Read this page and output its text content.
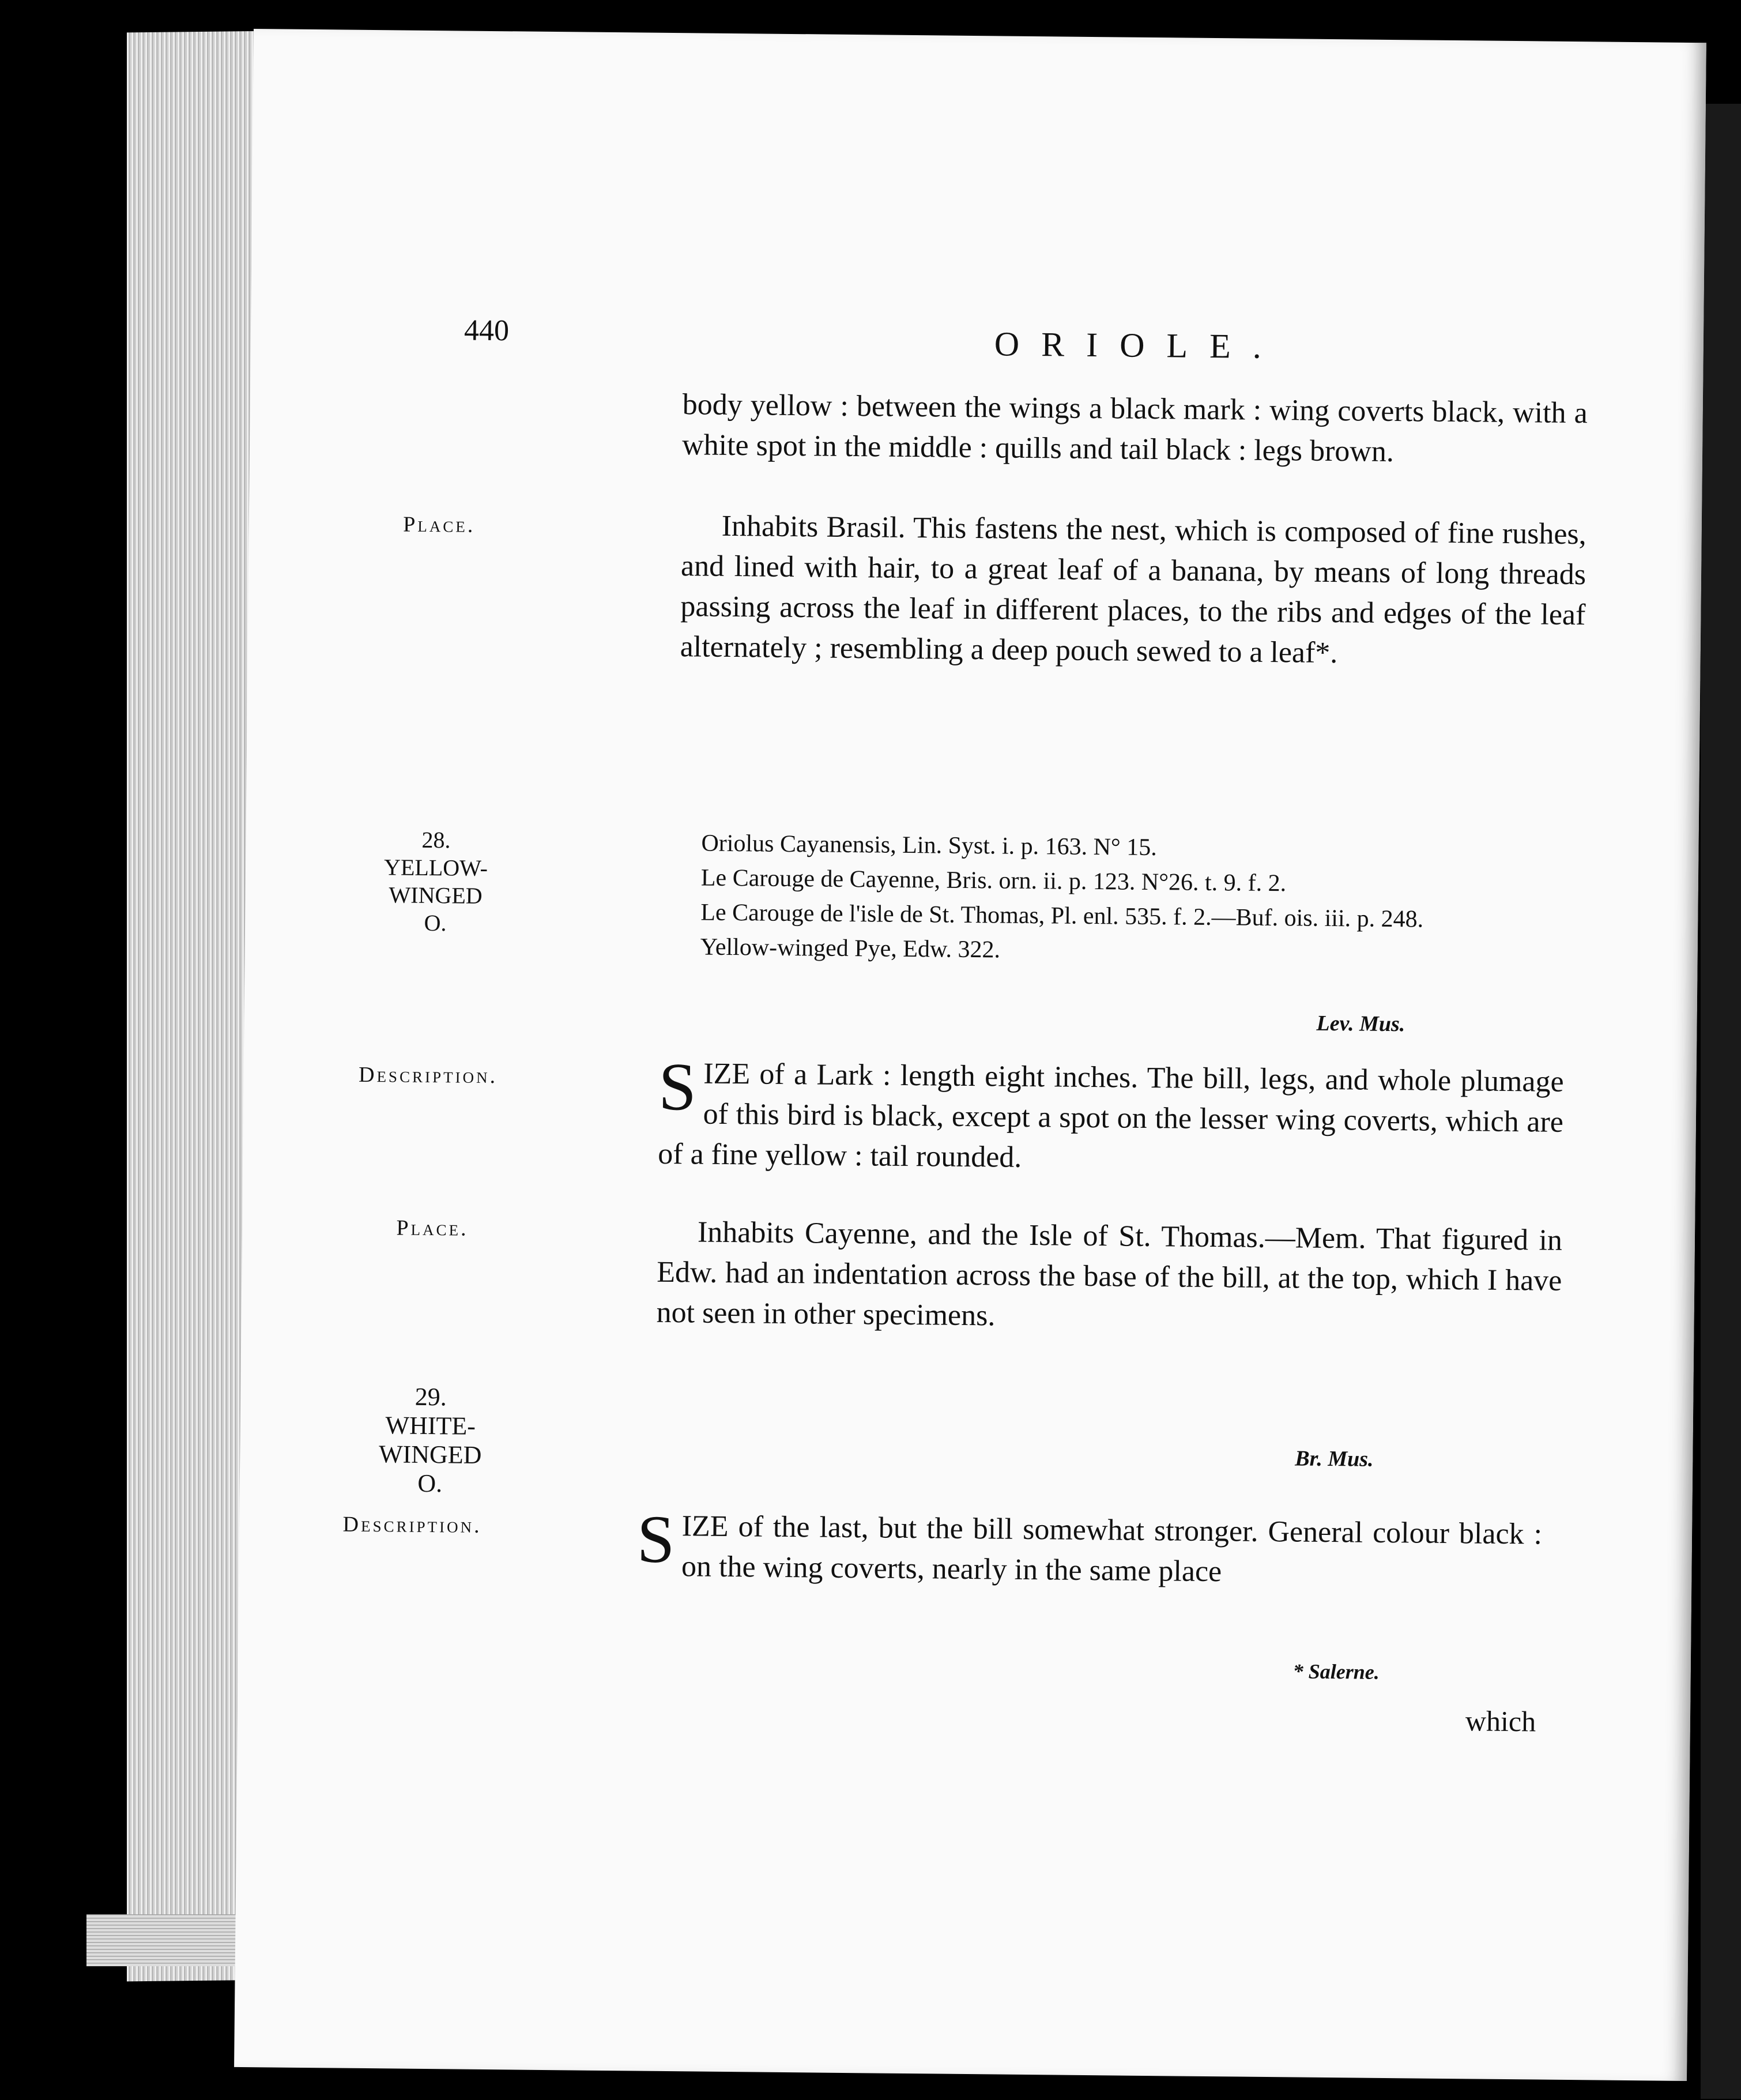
440	ORIOLE.

body yellow : between the wings a black mark : wing coverts black, with a white spot in the middle : quills and tail black : legs brown.

Place.	Inhabits Brasil. This fastens the nest, which is composed of fine rushes, and lined with hair, to a great leaf of a banana, by means of long threads passing across the leaf in different places, to the ribs and edges of the leaf alternately ; resembling a deep pouch sewed to a leaf*.

28.
YELLOW-
WINGED
O.

Oriolus Cayanensis, Lin. Syst. i. p. 163. N° 15.

Le Carouge de Cayenne, Bris. orn. ii. p. 123. N°26. t. 9. f. 2.

Le Carouge de l'isle de St. Thomas, Pl. enl. 535. f. 2.—Buf. ois. iii. p. 248.

Yellow-winged Pye, Edw. 322.

Lev. Mus.
Description.	SIZE of a Lark : length eight inches. The bill, legs, and whole plumage of this bird is black, except a spot on the lesser wing coverts, which are of a fine yellow : tail rounded.

Place.	Inhabits Cayenne, and the Isle of St. Thomas.—Mem. That figured in Edw. had an indentation across the base of the bill, at the top, which I have not seen in other specimens.

29.
WHITE-
WINGED
O.
Br. Mus.
Description.	SIZE of the last, but the bill somewhat stronger. General colour black : on the wing coverts, nearly in the same place

* Salerne.
which
